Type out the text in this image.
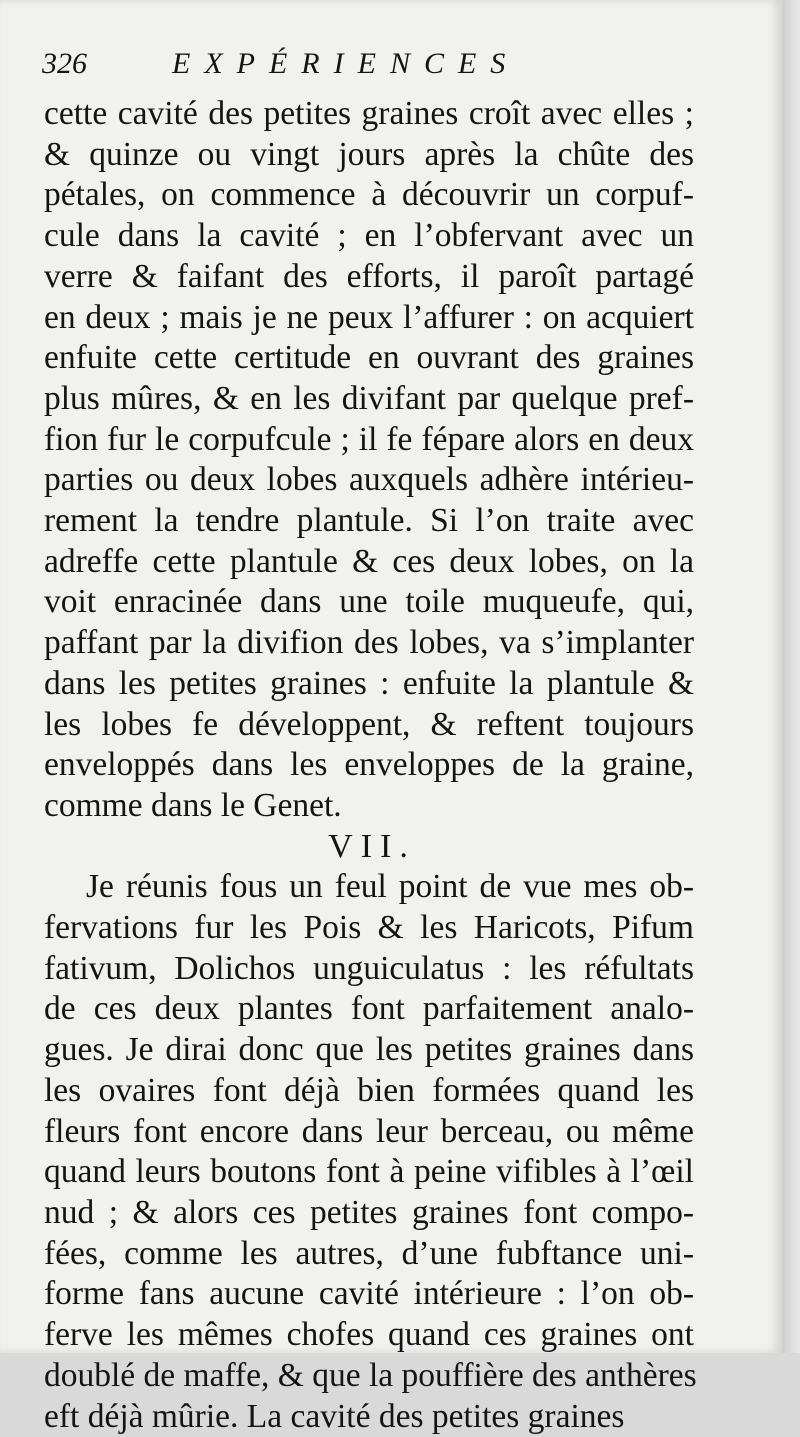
326	EXPÉRIENCES
cette cavité des petites graines croît avec elles ;
& quinze ou vingt jours après la chûte des
pétales, on commence à découvrir un corpuf-
cule dans la cavité ; en l’obfervant avec un
verre & faifant des efforts, il paroît partagé
en deux ; mais je ne peux l’affurer : on acquiert
enfuite cette certitude en ouvrant des graines
plus mûres, & en les divifant par quelque pref-
fion fur le corpufcule ; il fe fépare alors en deux
parties ou deux lobes auxquels adhère intérieu-
rement la tendre plantule. Si l’on traite avec
adreffe cette plantule & ces deux lobes, on la
voit enracinée dans une toile muqueufe, qui,
paffant par la divifion des lobes, va s’implanter
dans les petites graines : enfuite la plantule &
les lobes fe développent, & reftent toujours
enveloppés dans les enveloppes de la graine,
comme dans le Genet.
VII.
Je réunis fous un feul point de vue mes ob-
fervations fur les Pois & les Haricots, Pifum
fativum, Dolichos unguiculatus : les réfultats
de ces deux plantes font parfaitement analo-
gues. Je dirai donc que les petites graines dans
les ovaires font déjà bien formées quand les
fleurs font encore dans leur berceau, ou même
quand leurs boutons font à peine vifibles à l’œil
nud ; & alors ces petites graines font compo-
fées, comme les autres, d’une fubftance uni-
forme fans aucune cavité intérieure : l’on ob-
ferve les mêmes chofes quand ces graines ont
doublé de maffe, & que la pouffière des anthères
eft déjà mûrie. La cavité des petites graines
